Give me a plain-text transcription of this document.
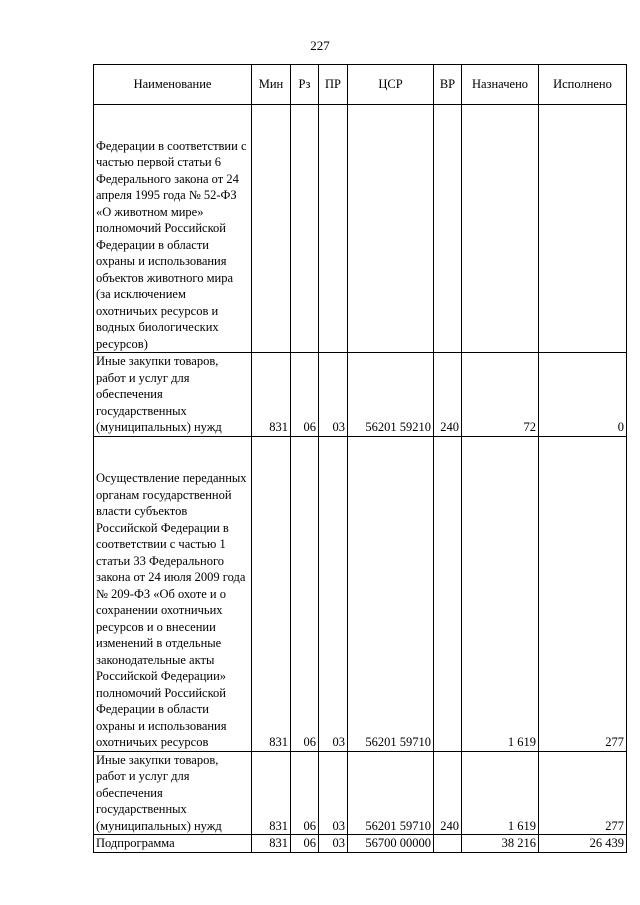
227
Наименование	Мин	Рз	ПР	ЦСР	ВР	Назначено	Исполнено
Федерации в соответствии с частью первой статьи 6 Федерального закона от 24 апреля 1995 года № 52-ФЗ «О животном мире» полномочий Российской Федерации в области охраны и использования объектов животного мира (за исключением охотничьих ресурсов и водных биологических ресурсов)							
Иные закупки товаров, работ и услуг для обеспечения государственных (муниципальных) нужд	831	06	03	56201 59210	240	72	0
Осуществление переданных органам государственной власти субъектов Российской Федерации в соответствии с частью 1 статьи 33 Федерального закона от 24 июля 2009 года № 209-ФЗ «Об охоте и о сохранении охотничьих ресурсов и о внесении изменений в отдельные законодательные акты Российской Федерации» полномочий Российской Федерации в области охраны и использования охотничьих ресурсов	831	06	03	56201 59710		1 619	277
Иные закупки товаров, работ и услуг для обеспечения государственных (муниципальных) нужд	831	06	03	56201 59710	240	1 619	277
Подпрограмма	831	06	03	56700 00000		38 216	26 439
